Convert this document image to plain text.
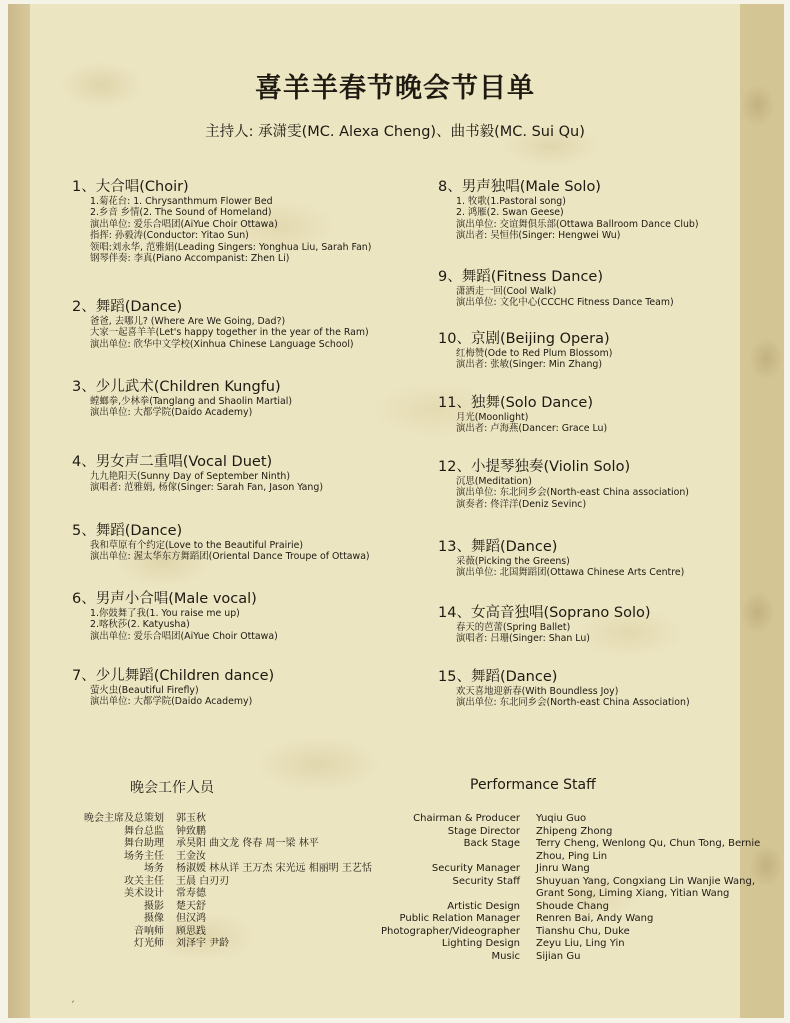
喜羊羊春节晚会节目单
主持人: 承潇雯(MC. Alexa Cheng)、曲书毅(MC. Sui Qu)
1、大合唱(Choir)
1.菊花台: 1. Chrysanthmum Flower Bed
2.乡音 乡情(2. The Sound of Homeland)
演出单位: 爱乐合唱团(AiYue Choir Ottawa)
指挥: 孙毅涛(Conductor: Yitao Sun)
领唱:刘永华, 范雅娟(Leading Singers: Yonghua Liu, Sarah Fan)
钢琴伴奏: 李真(Piano Accompanist: Zhen Li)
2、舞蹈(Dance)
爸爸, 去哪儿? (Where Are We Going, Dad?)
大家一起喜羊羊(Let's happy together in the year of the Ram)
演出单位: 欣华中文学校(Xinhua Chinese Language School)
3、少儿武术(Children Kungfu)
螳螂拳,少林拳(Tanglang and Shaolin Martial)
演出单位: 大都学院(Daido Academy)
4、男女声二重唱(Vocal Duet)
九九艳阳天(Sunny Day of September Ninth)
演唱者: 范雅娟, 杨傢(Singer: Sarah Fan, Jason Yang)
5、舞蹈(Dance)
我和草原有个约定(Love to the Beautiful Prairie)
演出单位: 渥太华东方舞蹈团(Oriental Dance Troupe of Ottawa)
6、男声小合唱(Male vocal)
1.你鼓舞了我(1. You raise me up)
2.喀秋莎(2. Katyusha)
演出单位: 爱乐合唱团(AiYue Choir Ottawa)
7、少儿舞蹈(Children dance)
萤火虫(Beautiful Firefly)
演出单位: 大都学院(Daido Academy)
8、男声独唱(Male Solo)
1. 牧歌(1.Pastoral song)
2. 鸿雁(2. Swan Geese)
演出单位: 交谊舞俱乐部(Ottawa Ballroom Dance Club)
演出者: 吴恒伟(Singer: Hengwei Wu)
9、舞蹈(Fitness Dance)
潇洒走一回(Cool Walk)
演出单位: 文化中心(CCCHC Fitness Dance Team)
10、京剧(Beijing Opera)
红梅赞(Ode to Red Plum Blossom)
演出者: 张敏(Singer: Min Zhang)
11、独舞(Solo Dance)
月光(Moonlight)
演出者: 卢海燕(Dancer: Grace Lu)
12、小提琴独奏(Violin Solo)
沉思(Meditation)
演出单位: 东北同乡会(North-east China association)
演奏者: 佟洋洋(Deniz Sevinc)
13、舞蹈(Dance)
采薇(Picking the Greens)
演出单位: 北国舞蹈团(Ottawa Chinese Arts Centre)
14、女高音独唱(Soprano Solo)
春天的芭蕾(Spring Ballet)
演唱者: 吕珊(Singer: Shan Lu)
15、舞蹈(Dance)
欢天喜地迎新春(With Boundless Joy)
演出单位: 东北同乡会(North-east China Association)
晚会工作人员	Performance Staff
晚会主席及总策划	郭玉秋
舞台总监	钟致鹏
舞台助理	承昊阳 曲文龙 佟春 周一梁 林平
场务主任	王金汝
场务	杨淑媛 林从详 王万杰 宋光远 相丽明 王艺恬
攻关主任	王晨 白刃刃
美术设计	常寿德
摄影	楚天舒
摄像	但汉鸿
音响师	顾思践
灯光师	刘泽宇 尹龄
Chairman & Producer	Yuqiu Guo
Stage Director	Zhipeng Zhong
Back Stage	Terry Cheng, Wenlong Qu, Chun Tong, Bernie Zhou, Ping Lin
Security Manager	Jinru Wang
Security Staff	Shuyuan Yang, Congxiang Lin Wanjie Wang, Grant Song, Liming Xiang, Yitian Wang
Artistic Design	Shoude Chang
Public Relation Manager	Renren Bai, Andy Wang
Photographer/Videographer	Tianshu Chu, Duke
Lighting Design	Zeyu Liu, Ling Yin
Music	Sijian Gu
ˏ
